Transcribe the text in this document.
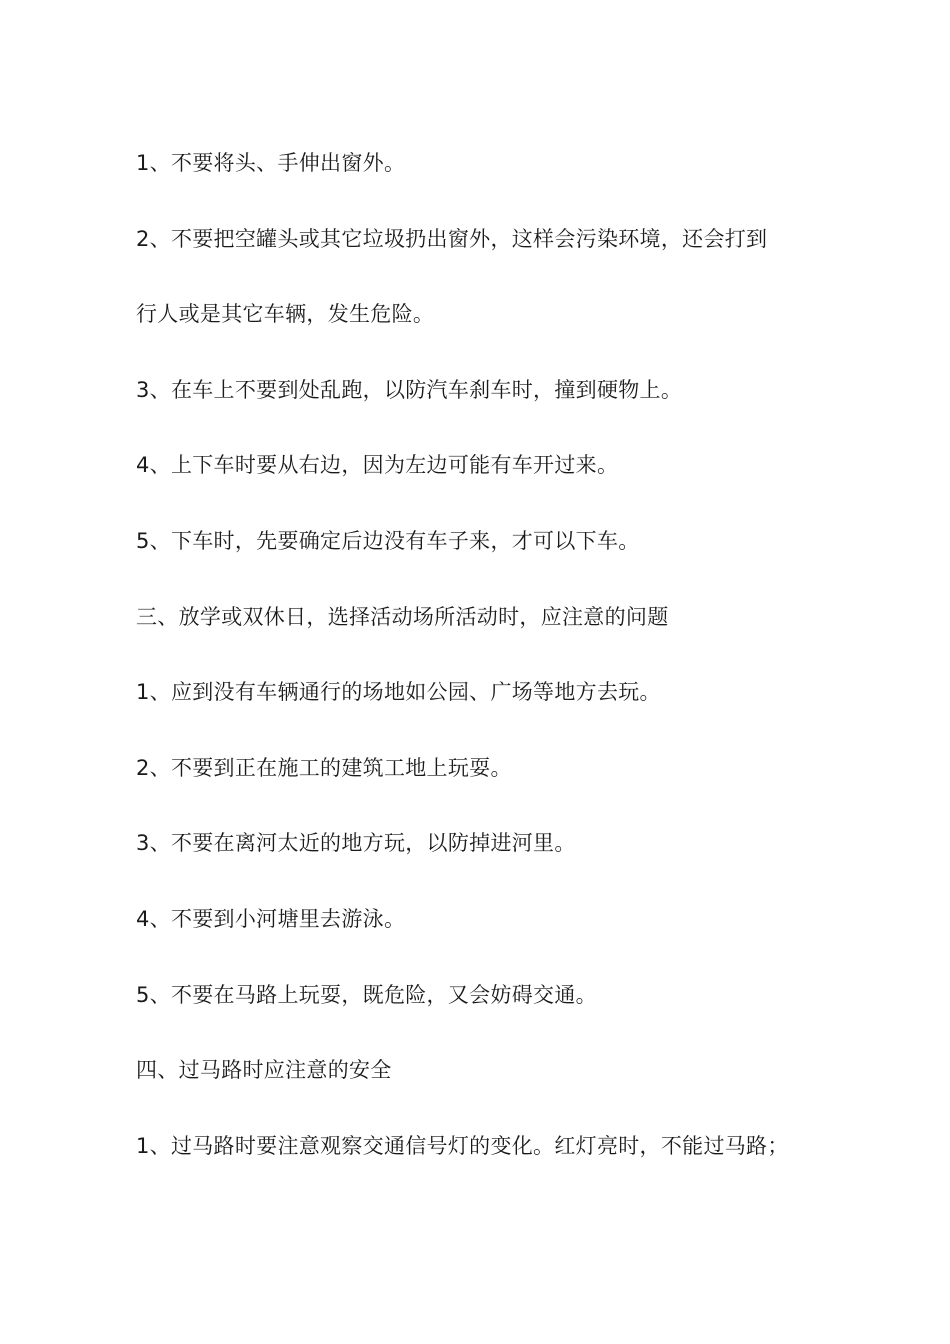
1、不要将头、手伸出窗外。
2、不要把空罐头或其它垃圾扔出窗外，这样会污染环境，还会打到
行人或是其它车辆，发生危险。
3、在车上不要到处乱跑，以防汽车刹车时，撞到硬物上。
4、上下车时要从右边，因为左边可能有车开过来。
5、下车时，先要确定后边没有车子来，才可以下车。
三、放学或双休日，选择活动场所活动时，应注意的问题
1、应到没有车辆通行的场地如公园、广场等地方去玩。
2、不要到正在施工的建筑工地上玩耍。
3、不要在离河太近的地方玩，以防掉进河里。
4、不要到小河塘里去游泳。
5、不要在马路上玩耍，既危险，又会妨碍交通。
四、过马路时应注意的安全
1、过马路时要注意观察交通信号灯的变化。红灯亮时，不能过马路；
